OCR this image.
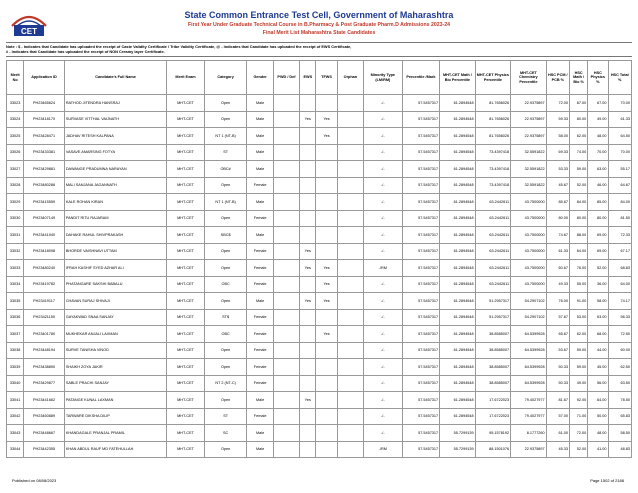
CET
State Common Entrance Test Cell, Government of Maharashtra
First Year Under Graduate Technical Course in B.Pharmacy & Post Graduate Pharm.D Admissions 2023-24
Final Merit List Maharashtra State Candidates
Note : $ - Indicates that Candidate has uploaded the receipt of Caste Validity Certificate / Tribe Validity Certificate, @ - Indicates that Candidate has uploaded the receipt of EWS Certificate,
# - Indicates that Candidate has uploaded the receipt of NON Creamy layer Certificate.
Merit No	Application ID	Candidate's Full Name	Merit Exam	Category	Gender	PWD / Def	EWS	TFWS	Orphan	Minority Type (LM/RM)	Percentile /Mark	MHT-CET Math / Bio Percentile	MHT-CET Physics Percentile	MHT-CET Chemistry Percentile	HSC PCM / PCB %	HSC Math / Bio %	HSC Physics %	HSC Total %
33023	PH23465624	RATHOD JITENDRA HANSRAJ	MHT-CET	Open	Male					-/-	57.5457317	61.2894548	81.7656026	22.9375897	72.00	87.00	67.00	70.00
33024	PH23418170	SURVASE VITTHAL VAIJNATH	MHT-CET	Open	Male		Yes	Yes		-/-	57.5457317	61.2894548	81.7656026	22.9375897	59.33	80.00	49.00	61.33
33025	PH23428471	JADHAV RITESH KALPANA	MHT-CET	NT 1 (NT-B)	Male			Yes		-/-	57.5457317	61.2894548	81.7656026	22.9375897	58.00	62.00	48.00	64.50
33026	PH23433381	VASAVE AMARSING FOTYA	MHT-CET	ST	Male					-/-	57.5457317	61.2894548	73.4397418	32.5591822	69.33	74.00	70.00	70.00
33027	PH23429881	DAWANGE PRADUMNA NARAYAN	MHT-CET	OBC#	Male					-/-	57.5457317	61.2894548	73.4397418	32.5591822	53.33	59.00	63.00	55.17
33028	PH23480286	MALI SANJANA JAGANNATH	MHT-CET	Open	Female					-/-	57.5457317	61.2894548	73.4397418	32.5591822	45.67	52.00	46.00	64.67
33029	PH23415559	KALE ROHAN KIRAN	MHT-CET	NT 1 (NT-B)	Male					-/-	57.5457317	61.2894548	63.2442611	43.7500000	85.67	84.00	85.00	84.00
33030	PH23407149	PANDIT RITU RAJARAM	MHT-CET	Open	Female					-/-	57.5457317	61.2894548	63.2442611	43.7500000	80.00	80.00	80.00	81.50
33031	PH23441940	DAHAKE RAHUL SHIVPRAKASH	MHT-CET	SBC$	Male					-/-	57.5457317	61.2894548	63.2442611	43.7500000	74.67	88.00	69.00	72.33
33032	PH23418098	BHORDE VAISHNAVI UTTAM	MHT-CET	Open	Female		Yes			-/-	57.5457317	61.2894548	63.2442611	43.7500000	61.33	64.00	69.00	67.17
33033	PH23480240	IFRAH KASHIF SYED AZHAR ALI	MHT-CET	Open	Female		Yes	Yes		-/RM	57.5457317	61.2894548	63.2442611	43.7500000	60.67	76.00	52.00	68.83
33034	PH23419782	PHATANGARE SAKSHI BABALU	MHT-CET	OBC	Female			Yes		-/-	57.5457317	61.2894548	63.2442611	43.7500000	49.33	55.00	36.00	64.00
33035	PH23419117	CHAVAN SURAJ SHIVAJI	MHT-CET	Open	Male		Yes	Yes		-/-	57.5457317	61.2894548	51.2957317	54.2907102	76.00	91.00	58.00	74.17
33036	PH23421150	GAYAKWAD SNAA SANJAY	MHT-CET	ST$	Female					-/-	57.5457317	61.2894548	51.2957317	54.2907102	57.67	53.00	63.00	56.33
33037	PH23401780	MUKHEKAR ANJALI LAXMAN	MHT-CET	OBC	Female			Yes		-/-	57.5457317	61.2894548	38.8585007	64.5399928	65.67	62.00	68.00	72.50
33038	PH23448194	SURVE TANISHA VINOD	MHT-CET	Open	Female					-/-	57.5457317	61.2894548	38.8585007	64.5399928	53.67	59.00	44.00	60.00
33039	PH23438890	SHAIKH ZOYA JAKIR	MHT-CET	Open	Female					-/-	57.5457317	61.2894548	38.8585007	64.5399928	50.33	59.00	45.00	62.50
33040	PH23429877	SABLE PRACHI SANJAY	MHT-CET	NT 2 (NT-C)	Female					-/-	57.5457317	61.2894548	38.8585007	64.5399928	50.33	49.00	56.00	63.50
33041	PH23441662	PATANGE KUNAL LAXMAN	MHT-CET	Open	Male		Yes			-/-	57.5457317	61.2894548	17.6722023	79.4027977	81.67	92.00	64.00	78.50
33042	PH23460889	TARWARE DIKSHA DILIP	MHT-CET	ST	Female					-/-	57.5457317	61.2894548	17.6722023	79.4027977	57.00	71.00	50.00	65.83
33043	PH23448667	KHANDAGALE PRANJAL PRAMIL	MHT-CET	SC	Male					-/-	57.5457317	55.7299139	95.1578192	8.1777260	61.00	72.00	48.00	58.50
33044	PH23442355	KHAN ABDUL RAUF MD FATEHULLAH	MHT-CET	Open	Male					-/RM	57.5457317	55.7299139	88.1501076	22.9375897	45.33	52.00	41.00	48.83
Published on 08/08/2023	Page 1502 of 2188
